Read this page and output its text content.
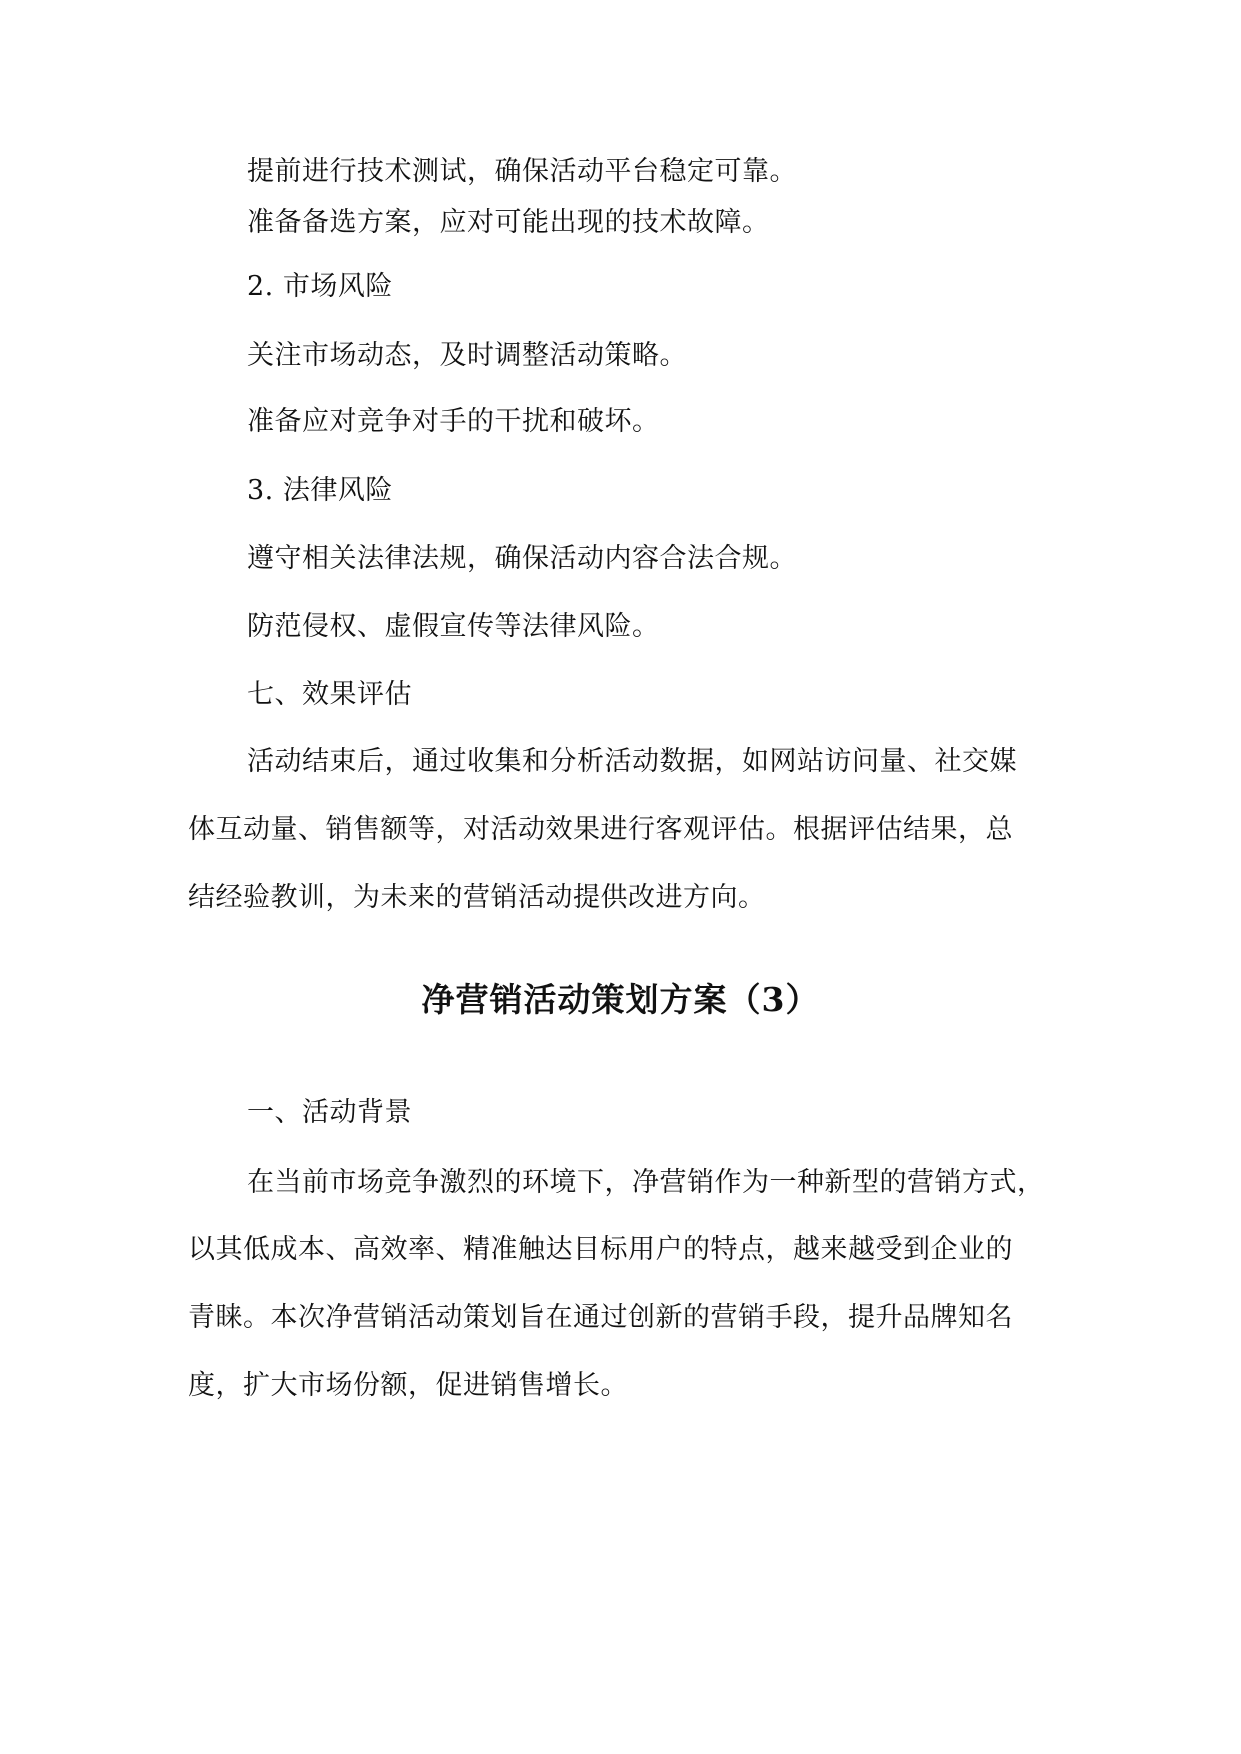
提前进行技术测试，确保活动平台稳定可靠。
准备备选方案，应对可能出现的技术故障。
2. 市场风险
关注市场动态，及时调整活动策略。
准备应对竞争对手的干扰和破坏。
3. 法律风险
遵守相关法律法规，确保活动内容合法合规。
防范侵权、虚假宣传等法律风险。
七、效果评估
活动结束后，通过收集和分析活动数据，如网站访问量、社交媒
体互动量、销售额等，对活动效果进行客观评估。根据评估结果，总
结经验教训，为未来的营销活动提供改进方向。
净营销活动策划方案（3）
一、活动背景
在当前市场竞争激烈的环境下，净营销作为一种新型的营销方式，
以其低成本、高效率、精准触达目标用户的特点，越来越受到企业的
青睐。本次净营销活动策划旨在通过创新的营销手段，提升品牌知名
度，扩大市场份额，促进销售增长。
